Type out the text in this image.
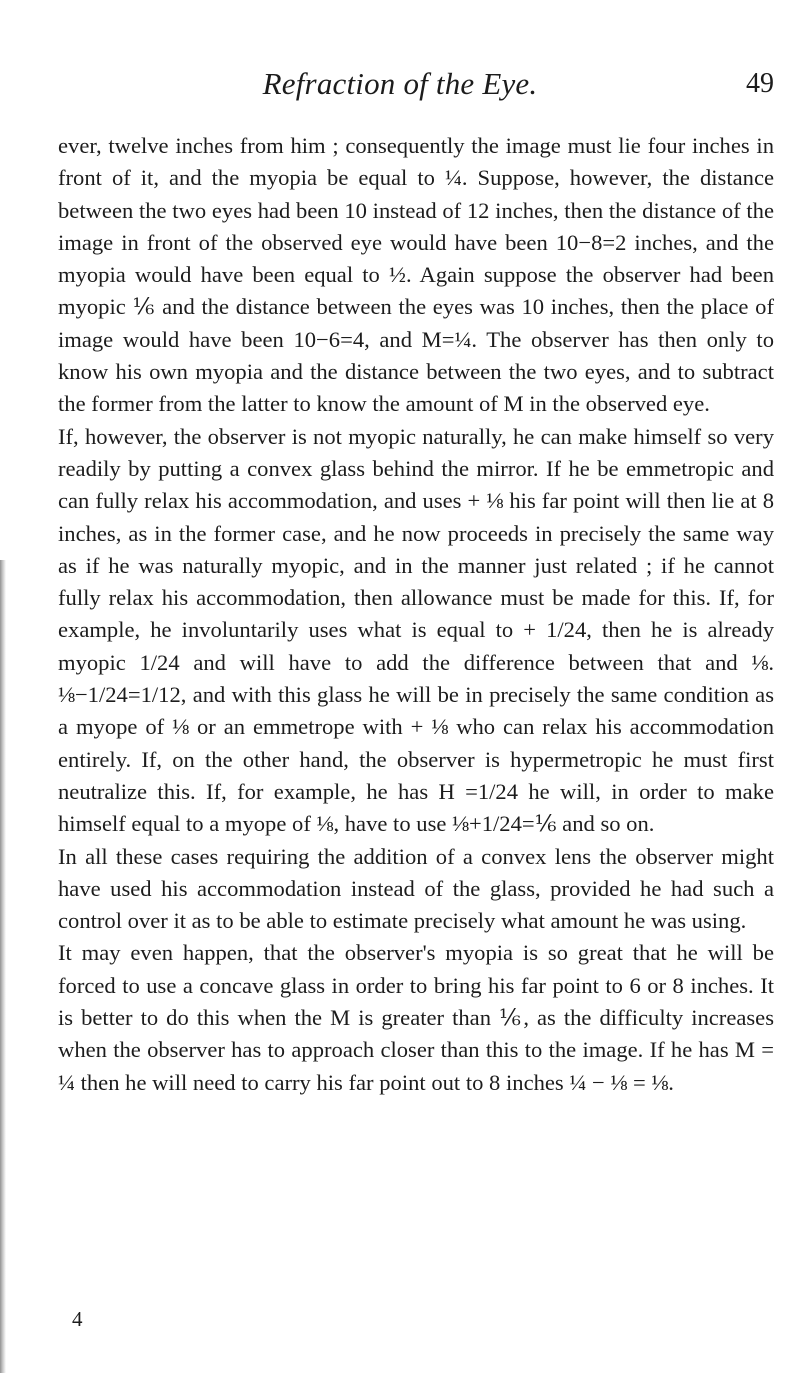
Refraction of the Eye.	49

ever, twelve inches from him ; consequently the image must lie four inches in front of it, and the myopia be equal to ¼. Suppose, however, the distance between the two eyes had been 10 instead of 12 inches, then the distance of the image in front of the observed eye would have been 10−8=2 inches, and the myopia would have been equal to ½. Again suppose the observer had been myopic ⅙ and the distance between the eyes was 10 inches, then the place of image would have been 10−6=4, and M=¼. The observer has then only to know his own myopia and the distance between the two eyes, and to subtract the former from the latter to know the amount of M in the observed eye.

If, however, the observer is not myopic naturally, he can make himself so very readily by putting a convex glass behind the mirror. If he be emmetropic and can fully relax his accommodation, and uses + ⅛ his far point will then lie at 8 inches, as in the former case, and he now proceeds in precisely the same way as if he was naturally myopic, and in the manner just related ; if he cannot fully relax his accommodation, then allowance must be made for this. If, for example, he involuntarily uses what is equal to + 1/24, then he is already myopic 1/24 and will have to add the difference between that and ⅛. ⅛−1/24=1/12, and with this glass he will be in precisely the same condition as a myope of ⅛ or an emmetrope with + ⅛ who can relax his accommodation entirely. If, on the other hand, the observer is hypermetropic he must first neutralize this. If, for example, he has H =1/24 he will, in order to make himself equal to a myope of ⅛, have to use ⅛+1/24=⅙ and so on.

In all these cases requiring the addition of a convex lens the observer might have used his accommodation instead of the glass, provided he had such a control over it as to be able to estimate precisely what amount he was using.

It may even happen, that the observer's myopia is so great that he will be forced to use a concave glass in order to bring his far point to 6 or 8 inches. It is better to do this when the M is greater than ⅙, as the difficulty increases when the observer has to approach closer than this to the image. If he has M = ¼ then he will need to carry his far point out to 8 inches ¼ − ⅛ = ⅛.

4
